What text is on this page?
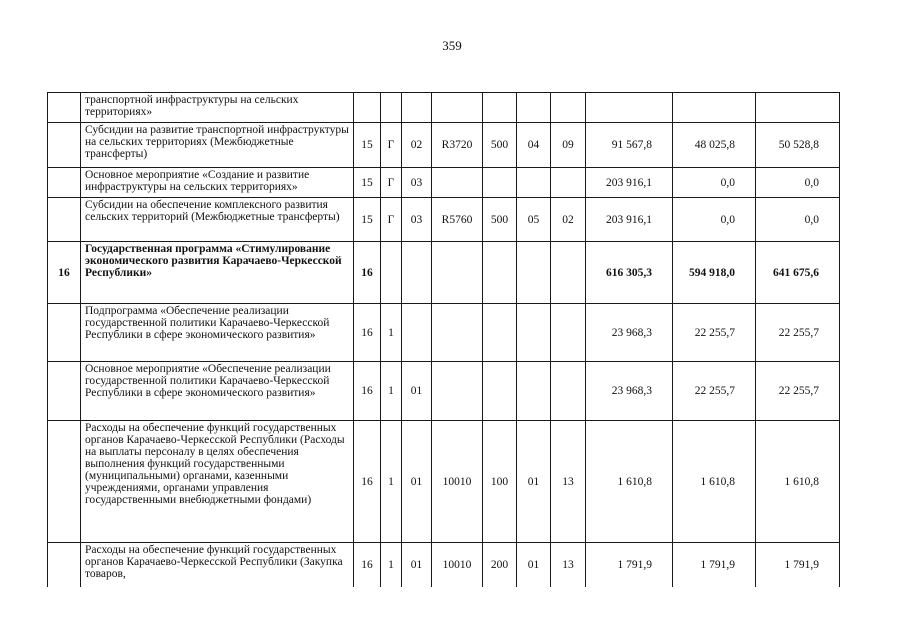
359
	транспортной инфраструктуры на сельских территориях»										
	Субсидии на развитие транспортной инфраструктуры на сельских территориях (Межбюджетные трансферты)	15	Г	02	R3720	500	04	09	91 567,8	48 025,8	50 528,8
	Основное мероприятие «Создание и развитие инфраструктуры на сельских территориях»	15	Г	03					203 916,1	0,0	0,0
	Субсидии на обеспечение комплексного развития сельских территорий (Межбюджетные трансферты)	15	Г	03	R5760	500	05	02	203 916,1	0,0	0,0
16	Государственная программа «Стимулирование экономического развития Карачаево-Черкесской Республики»	16							616 305,3	594 918,0	641 675,6
	Подпрограмма «Обеспечение реализации государственной политики Карачаево-Черкесской Республики в сфере экономического развития»	16	1						23 968,3	22 255,7	22 255,7
	Основное мероприятие «Обеспечение реализации государственной политики Карачаево-Черкесской Республики в сфере экономического развития»	16	1	01					23 968,3	22 255,7	22 255,7
	Расходы на обеспечение функций государственных органов Карачаево-Черкесской Республики (Расходы на выплаты персоналу в целях обеспечения выполнения функций государственными (муниципальными) органами, казенными учреждениями, органами управления государственными внебюджетными фондами)	16	1	01	10010	100	01	13	1 610,8	1 610,8	1 610,8
	Расходы на обеспечение функций государственных органов Карачаево-Черкесской Республики (Закупка товаров,	16	1	01	10010	200	01	13	1 791,9	1 791,9	1 791,9
